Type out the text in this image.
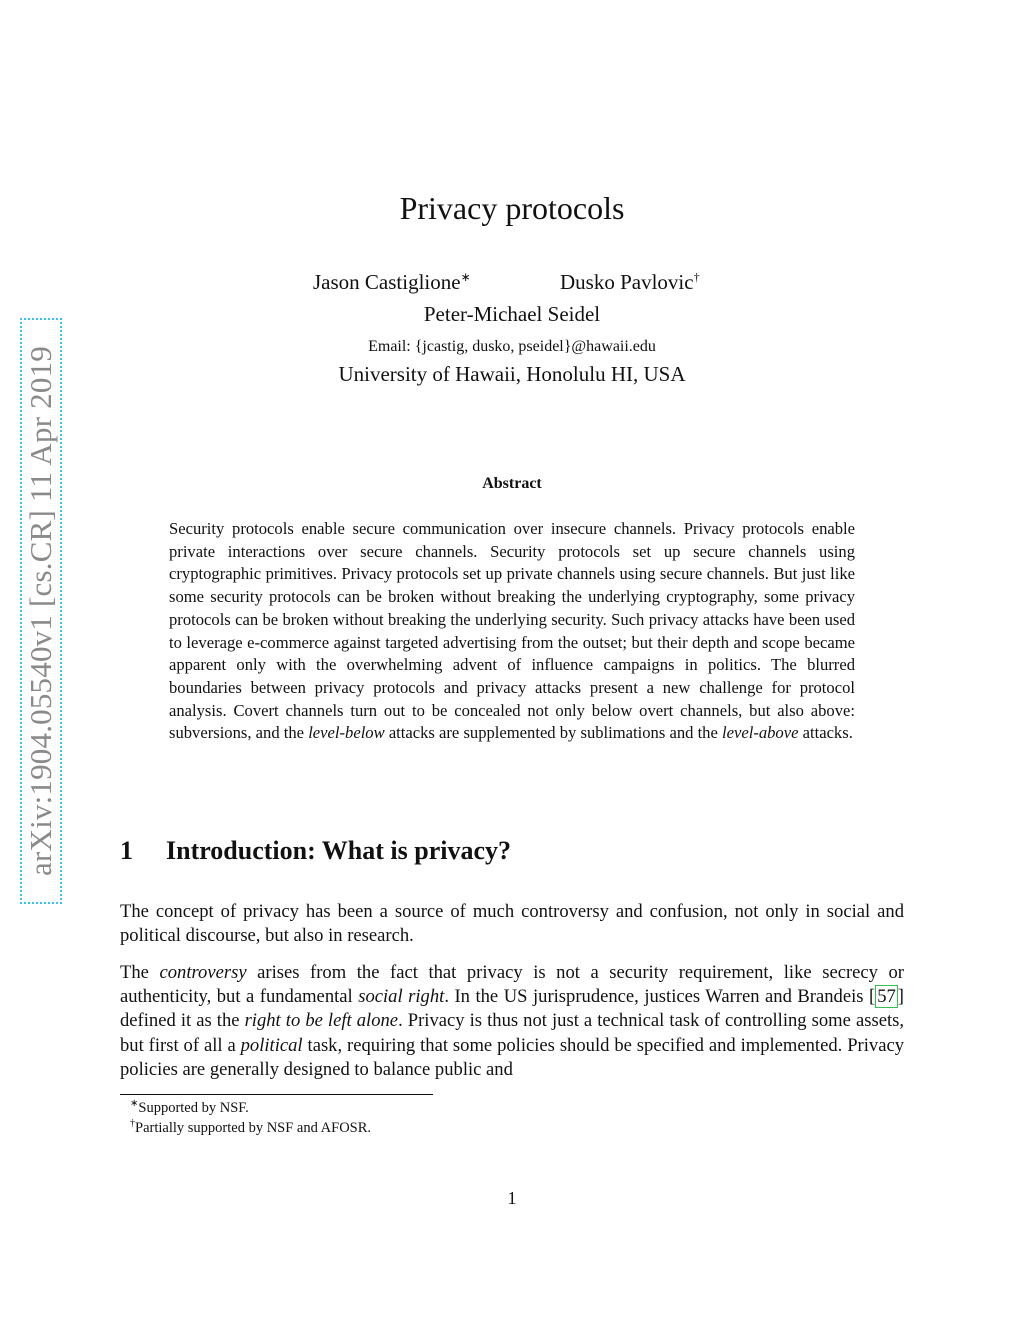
arXiv:1904.05540v1 [cs.CR] 11 Apr 2019
Privacy protocols
Jason Castiglione∗	Dusko Pavlovic†
Peter-Michael Seidel
Email: {jcastig, dusko, pseidel}@hawaii.edu
University of Hawaii, Honolulu HI, USA
Abstract
Security protocols enable secure communication over insecure channels. Privacy protocols enable private interactions over secure channels. Security protocols set up secure channels using cryptographic primitives. Privacy protocols set up private channels using secure channels. But just like some security protocols can be broken without breaking the underlying cryptography, some privacy protocols can be broken without breaking the underlying security. Such privacy attacks have been used to leverage e-commerce against targeted advertising from the outset; but their depth and scope became apparent only with the overwhelming advent of influence campaigns in politics. The blurred boundaries between privacy protocols and privacy attacks present a new challenge for protocol analysis. Covert channels turn out to be concealed not only below overt channels, but also above: subversions, and the level-below attacks are supplemented by sublimations and the level-above attacks.
1 Introduction: What is privacy?
The concept of privacy has been a source of much controversy and confusion, not only in social and political discourse, but also in research.
The controversy arises from the fact that privacy is not a security requirement, like secrecy or authenticity, but a fundamental social right. In the US jurisprudence, justices Warren and Brandeis [ 57 ] defined it as the right to be left alone. Privacy is thus not just a technical task of controlling some assets, but first of all a political task, requiring that some policies should be specified and implemented. Privacy policies are generally designed to balance public and
∗Supported by NSF.
†Partially supported by NSF and AFOSR.
1
